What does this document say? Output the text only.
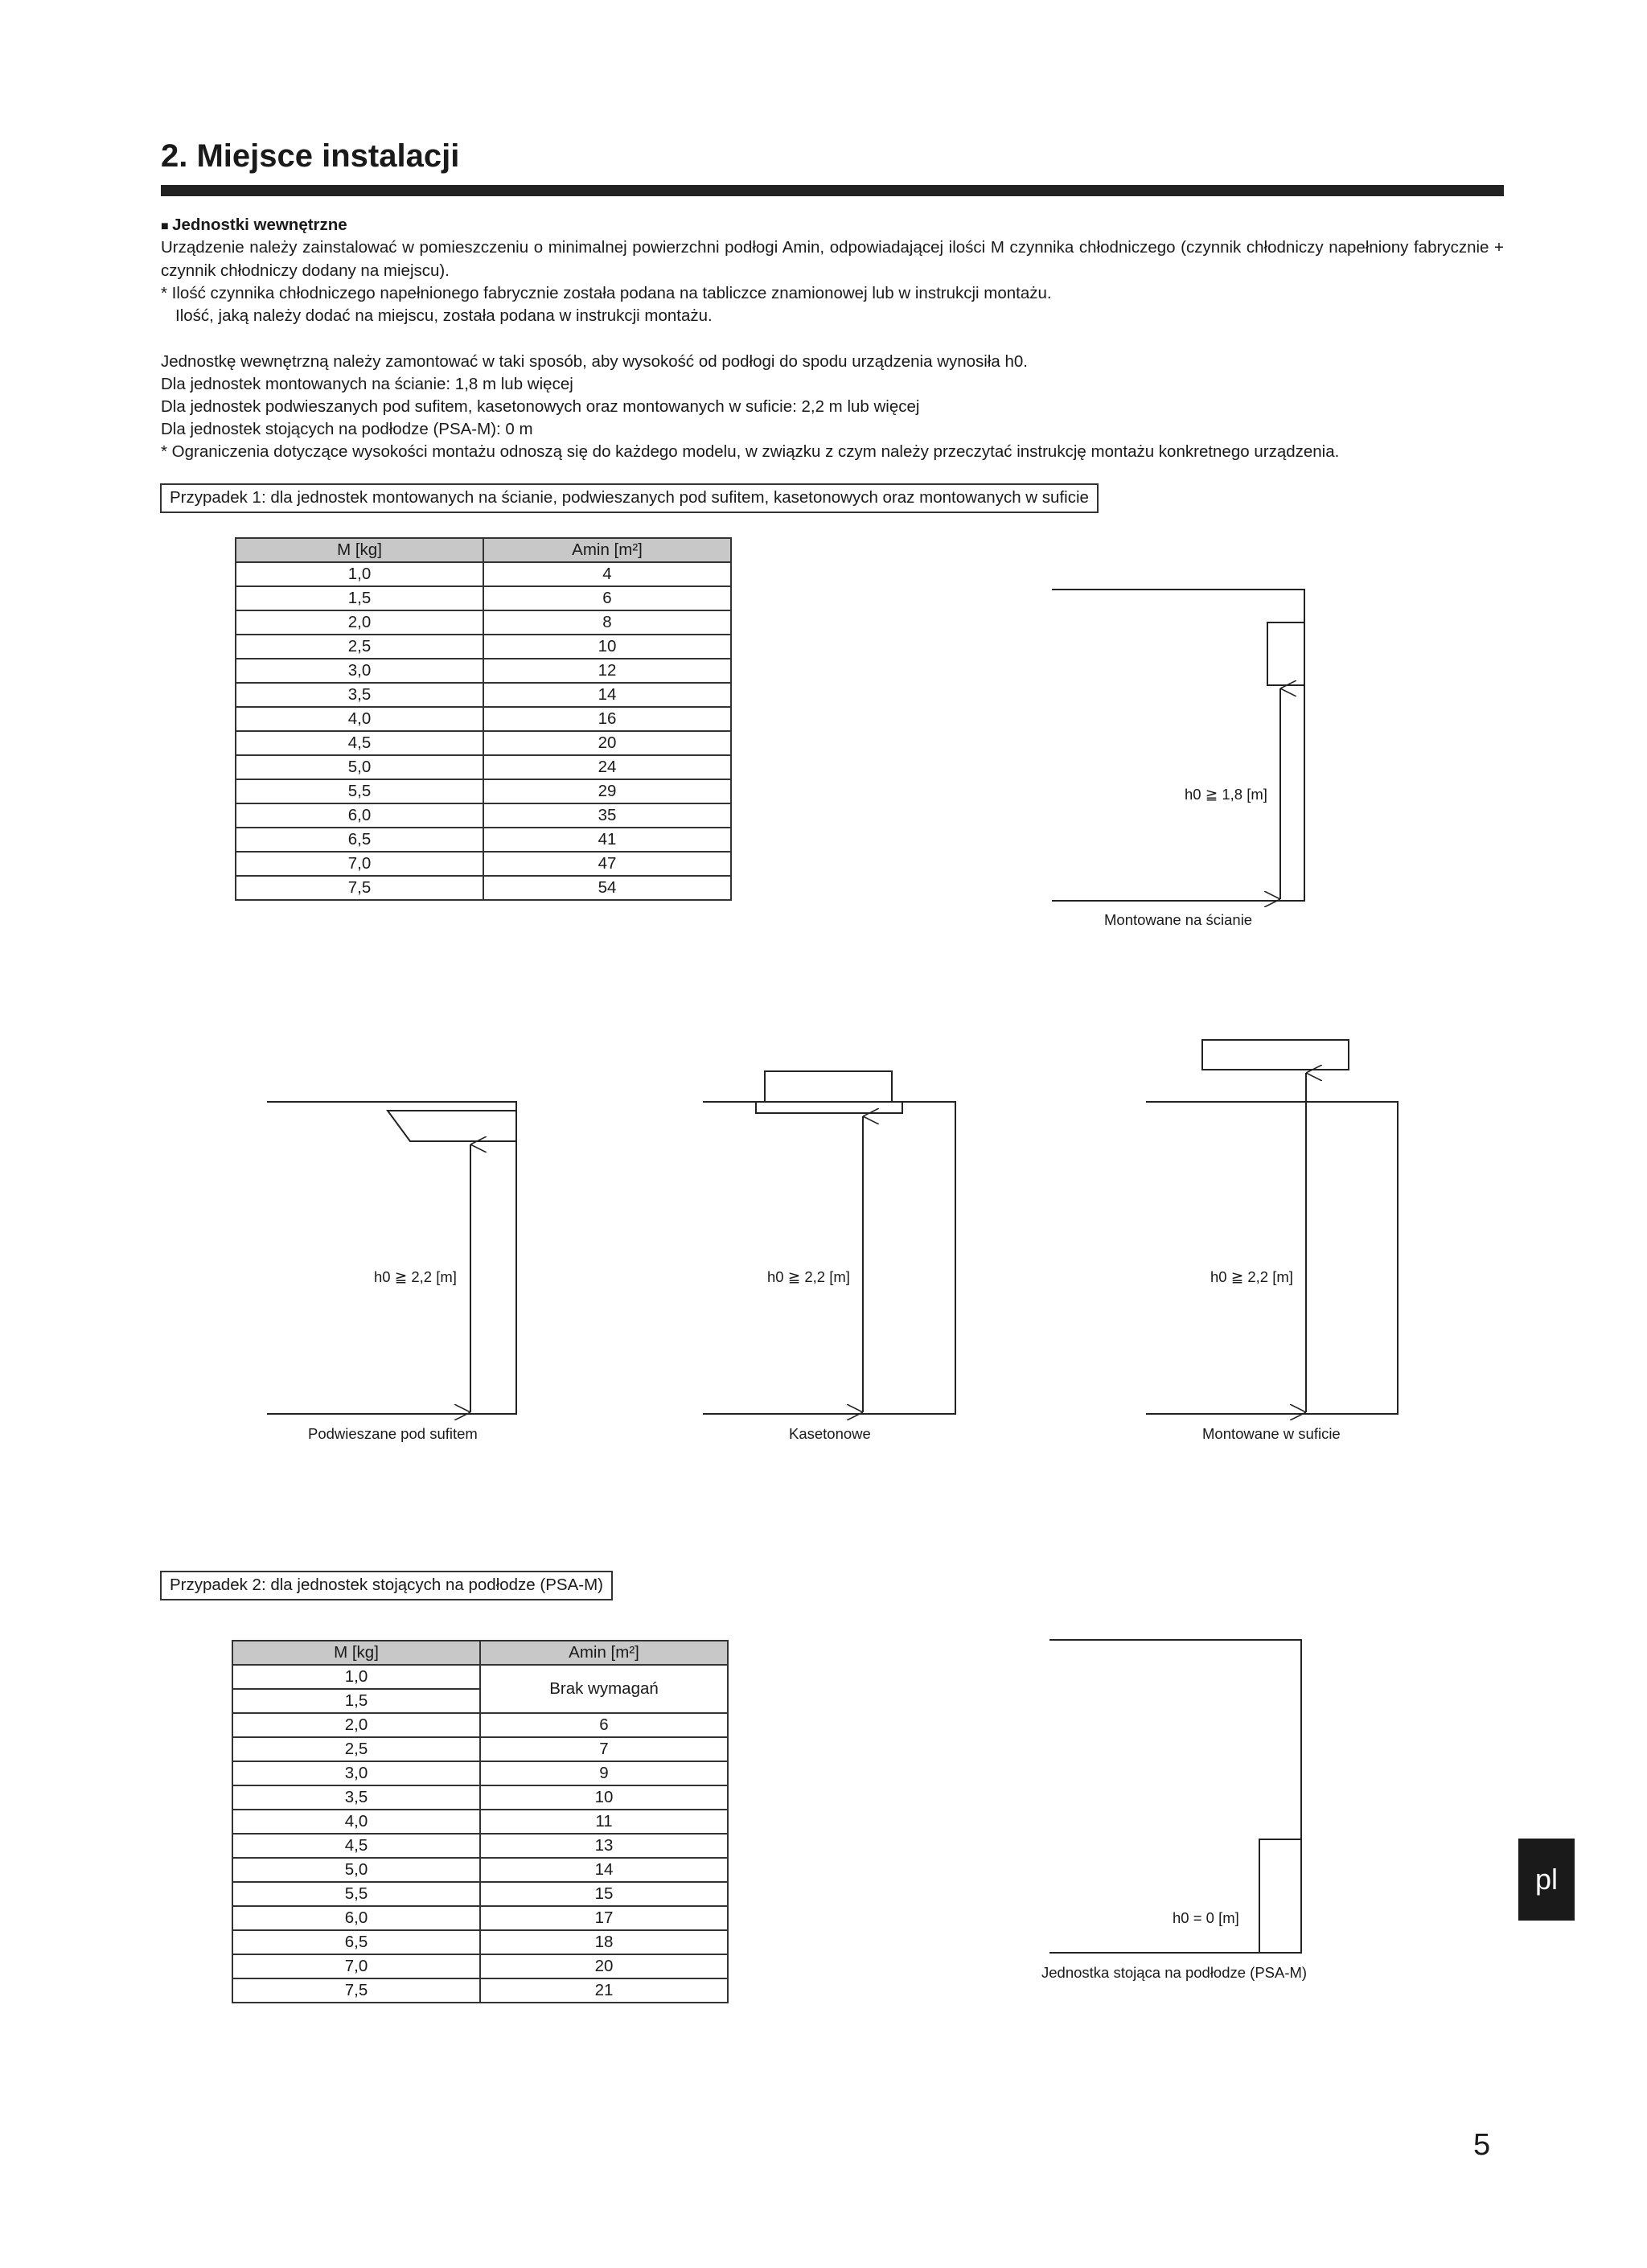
2. Miejsce instalacji
■ Jednostki wewnętrzne
Urządzenie należy zainstalować w pomieszczeniu o minimalnej powierzchni podłogi Amin, odpowiadającej ilości M czynnika chłodniczego (czynnik chłodniczy napełniony fabrycznie + czynnik chłodniczy dodany na miejscu).
* Ilość czynnika chłodniczego napełnionego fabrycznie została podana na tabliczce znamionowej lub w instrukcji montażu.
Ilość, jaką należy dodać na miejscu, została podana w instrukcji montażu.
Jednostkę wewnętrzną należy zamontować w taki sposób, aby wysokość od podłogi do spodu urządzenia wynosiła h0.
Dla jednostek montowanych na ścianie: 1,8 m lub więcej
Dla jednostek podwieszanych pod sufitem, kasetonowych oraz montowanych w suficie: 2,2 m lub więcej
Dla jednostek stojących na podłodze (PSA-M): 0 m
* Ograniczenia dotyczące wysokości montażu odnoszą się do każdego modelu, w związku z czym należy przeczytać instrukcję montażu konkretnego urządzenia.
Przypadek 1: dla jednostek montowanych na ścianie, podwieszanych pod sufitem, kasetonowych oraz montowanych w suficie
M [kg]	Amin [m²]
1,0	4
1,5	6
2,0	8
2,5	10
3,0	12
3,5	14
4,0	16
4,5	20
5,0	24
5,5	29
6,0	35
6,5	41
7,0	47
7,5	54
Przypadek 2: dla jednostek stojących na podłodze (PSA-M)
M [kg]	Amin [m²]
1,0	Brak wymagań
1,5	
2,0	6
2,5	7
3,0	9
3,5	10
4,0	11
4,5	13
5,0	14
5,5	15
6,0	17
6,5	18
7,0	20
7,5	21
h0 ≧ 1,8 [m]
Montowane na ścianie
h0 ≧ 2,2 [m]
Podwieszane pod sufitem
h0 ≧ 2,2 [m]
Kasetonowe
h0 ≧ 2,2 [m]
Montowane w suficie
h0 = 0 [m]
Jednostka stojąca na podłodze (PSA-M)
pl
5
